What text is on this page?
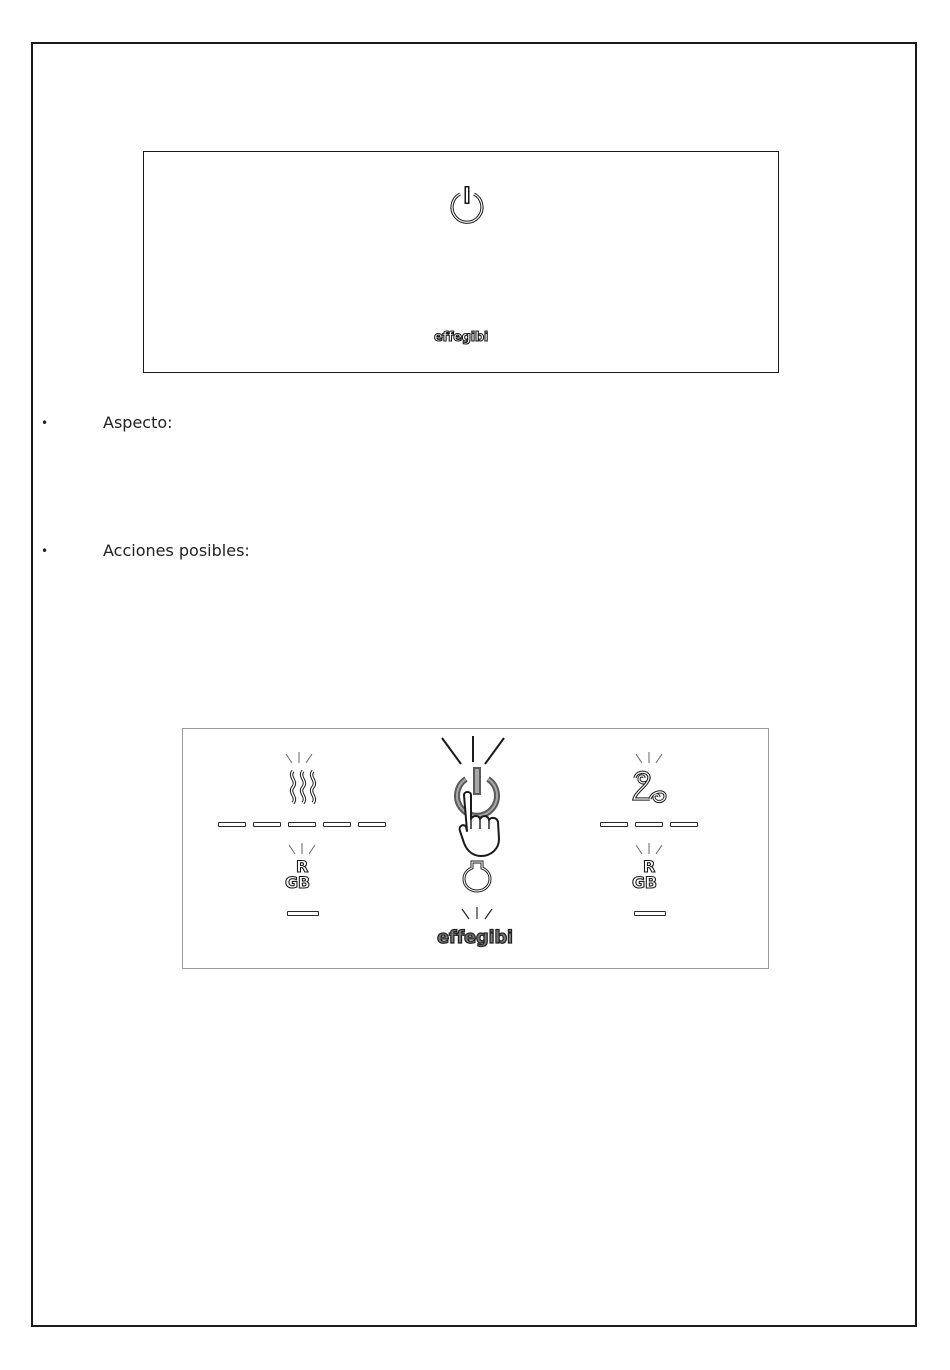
effegibi
•	Aspecto:
•	Acciones posibles:
R
GB
effegibi
R
GB
